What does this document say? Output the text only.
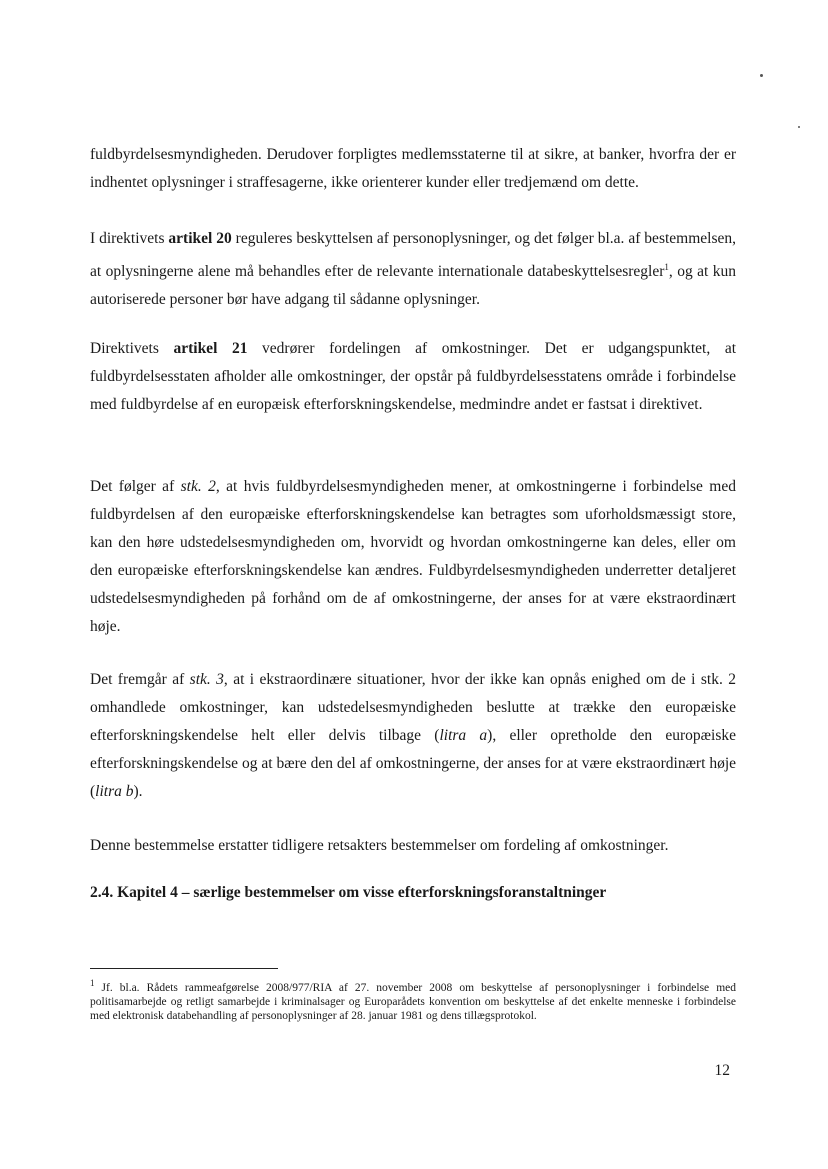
fuldbyrdelsesmyndigheden. Derudover forpligtes medlemsstaterne til at sikre, at banker, hvorfra der er indhentet oplysninger i straffesagerne, ikke orienterer kunder eller tredjemænd om dette.

I direktivets artikel 20 reguleres beskyttelsen af personoplysninger, og det følger bl.a. af bestemmelsen, at oplysningerne alene må behandles efter de relevante internationale databeskyttelsesregler$^1$, og at kun autoriserede personer bør have adgang til sådanne oplysninger.

Direktivets artikel 21 vedrører fordelingen af omkostninger. Det er udgangspunktet, at fuldbyrdelsesstaten afholder alle omkostninger, der opstår på fuldbyrdelsesstatens område i forbindelse med fuldbyrdelse af en europæisk efterforskningskendelse, medmindre andet er fastsat i direktivet.

Det følger af stk. 2, at hvis fuldbyrdelsesmyndigheden mener, at omkostningerne i forbindelse med fuldbyrdelsen af den europæiske efterforskningskendelse kan betragtes som uforholdsmæssigt store, kan den høre udstedelsesmyndigheden om, hvorvidt og hvordan omkostningerne kan deles, eller om den europæiske efterforskningskendelse kan ændres. Fuldbyrdelsesmyndigheden underretter detaljeret udstedelsesmyndigheden på forhånd om de af omkostningerne, der anses for at være ekstraordinært høje.

Det fremgår af stk. 3, at i ekstraordinære situationer, hvor der ikke kan opnås enighed om de i stk. 2 omhandlede omkostninger, kan udstedelsesmyndigheden beslutte at trække den europæiske efterforskningskendelse helt eller delvis tilbage (litra a), eller opretholde den europæiske efterforskningskendelse og at bære den del af omkostningerne, der anses for at være ekstraordinært høje (litra b).

Denne bestemmelse erstatter tidligere retsakters bestemmelser om fordeling af omkostninger.

2.4. Kapitel 4 – særlige bestemmelser om visse efterforskningsforanstaltninger

$^1$ Jf. bl.a. Rådets rammeafgørelse 2008/977/RIA af 27. november 2008 om beskyttelse af personoplysninger i forbindelse med politisamarbejde og retligt samarbejde i kriminalsager og Europarådets konvention om beskyttelse af det enkelte menneske i forbindelse med elektronisk databehandling af personoplysninger af 28. januar 1981 og dens tillægsprotokol.

12
